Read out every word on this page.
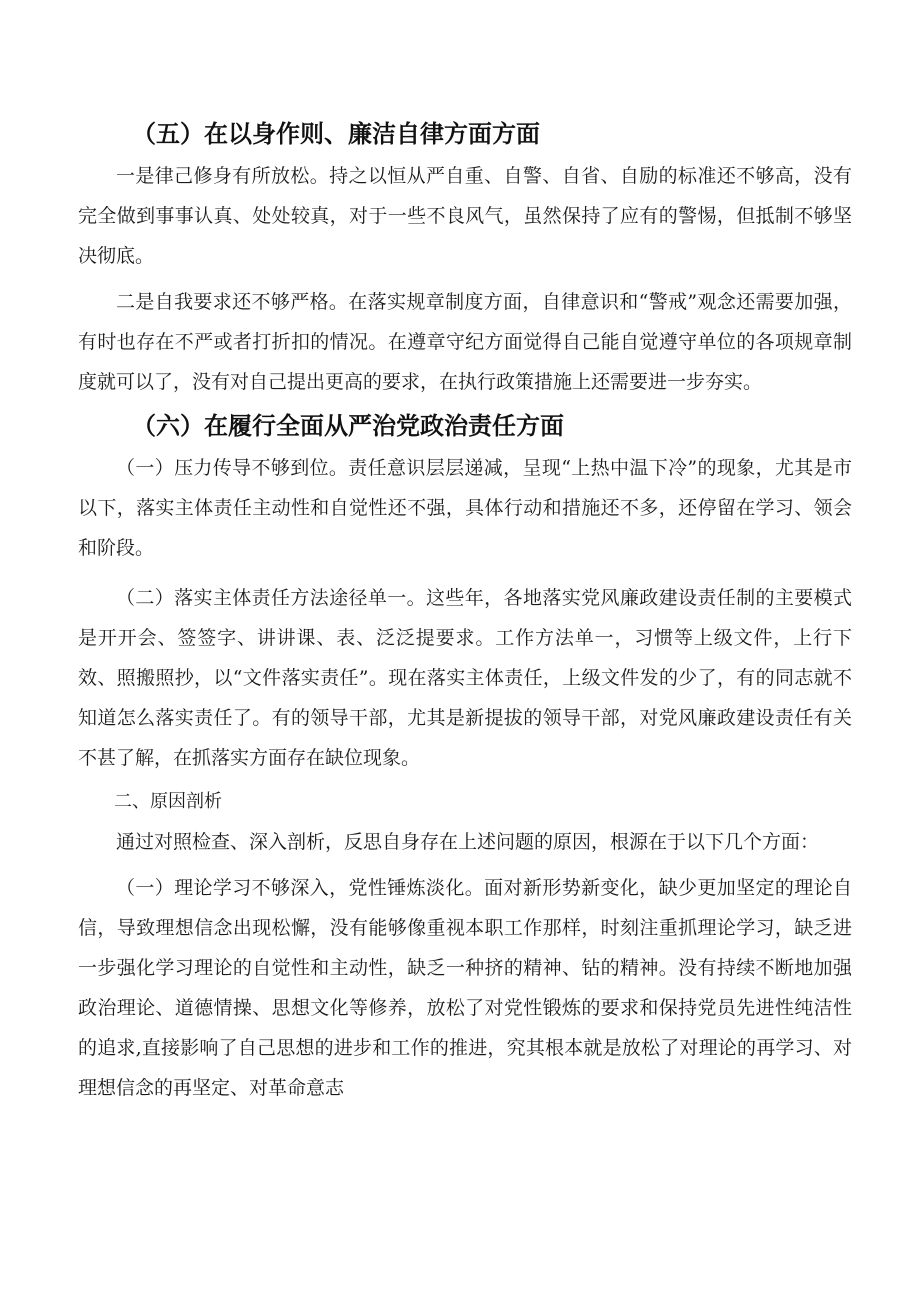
（五）在以身作则、廉洁自律方面方面

一是律己修身有所放松。持之以恒从严自重、自警、自省、自励的标准还不够高，没有完全做到事事认真、处处较真，对于一些不良风气，虽然保持了应有的警惕，但抵制不够坚决彻底。

二是自我要求还不够严格。在落实规章制度方面，自律意识和“警戒”观念还需要加强，有时也存在不严或者打折扣的情况。在遵章守纪方面觉得自己能自觉遵守单位的各项规章制度就可以了，没有对自己提出更高的要求，在执行政策措施上还需要进一步夯实。

（六）在履行全面从严治党政治责任方面

（一）压力传导不够到位。责任意识层层递减，呈现“上热中温下冷”的现象，尤其是市以下，落实主体责任主动性和自觉性还不强，具体行动和措施还不多，还停留在学习、领会和阶段。

（二）落实主体责任方法途径单一。这些年，各地落实党风廉政建设责任制的主要模式是开开会、签签字、讲讲课、表、泛泛提要求。工作方法单一，习惯等上级文件，上行下效、照搬照抄，以“文件落实责任”。现在落实主体责任，上级文件发的少了，有的同志就不知道怎么落实责任了。有的领导干部，尤其是新提拔的领导干部，对党风廉政建设责任有关不甚了解，在抓落实方面存在缺位现象。

二、原因剖析

通过对照检查、深入剖析，反思自身存在上述问题的原因，根源在于以下几个方面：

（一）理论学习不够深入，党性锤炼淡化。面对新形势新变化，缺少更加坚定的理论自信，导致理想信念出现松懈，没有能够像重视本职工作那样，时刻注重抓理论学习，缺乏进一步强化学习理论的自觉性和主动性，缺乏一种挤的精神、钻的精神。没有持续不断地加强政治理论、道德情操、思想文化等修养，放松了对党性锻炼的要求和保持党员先进性纯洁性的追求,直接影响了自己思想的进步和工作的推进，究其根本就是放松了对理论的再学习、对理想信念的再坚定、对革命意志
